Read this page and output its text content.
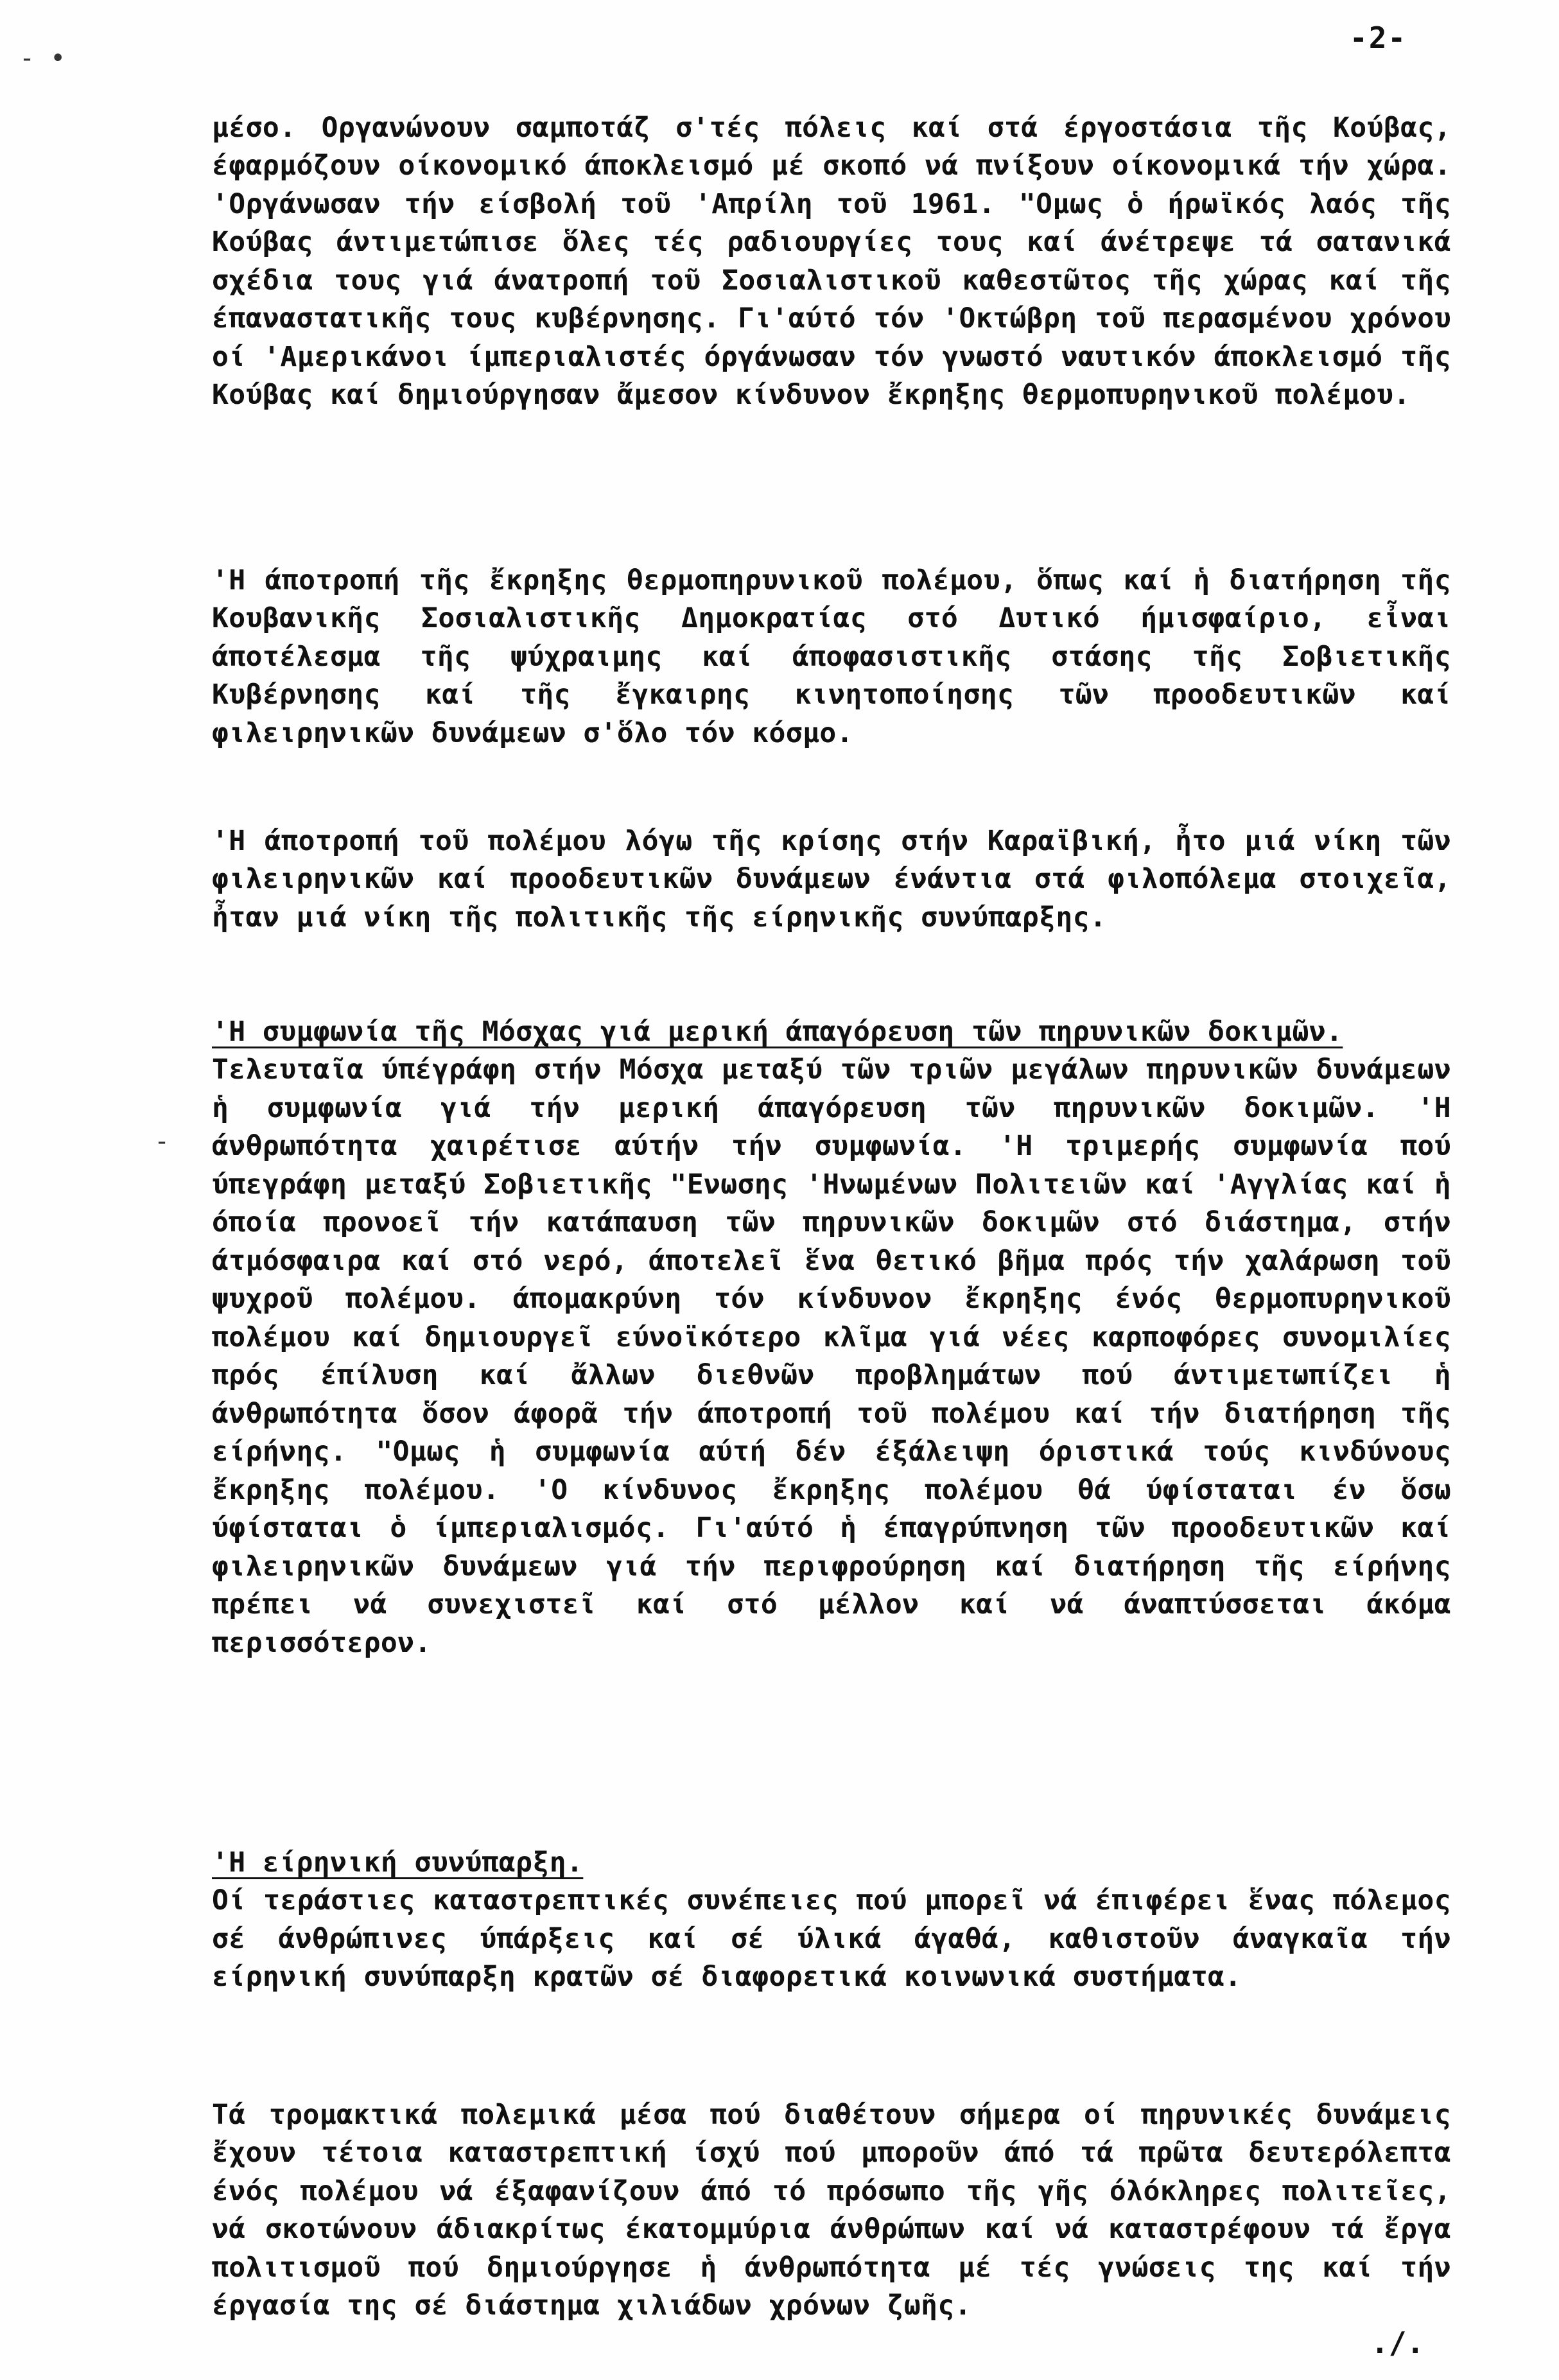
-2-
- •
-

μέσο. Οργανώνουν σαμποτάζ σ'τές πόλεις καί στά έργοστάσια τῆς Κούβας, έφαρμόζουν οίκονομικό άποκλεισμό μέ σκοπό νά πνίξουν οίκονομικά τήν χώρα. 'Οργάνωσαν τήν είσβολή τοῦ 'Απρίλη τοῦ 1961. "Ομως ὁ ήρωϊκός λαός τῆς Κούβας άντιμετώπισε ὅλες τές ραδιουργίες τους καί άνέτρεψε τά σατανικά σχέδια τους γιά άνατροπή τοῦ Σοσιαλιστικοῦ καθεστῶτος τῆς χώρας καί τῆς έπαναστατικῆς τους κυβέρνησης. Γι'αύτό τόν 'Οκτώβρη τοῦ περασμένου χρόνου οί 'Αμερικάνοι ίμπεριαλιστές όργάνωσαν τόν γνωστό ναυτικόν άποκλεισμό τῆς Κούβας καί δημιούργησαν ἄμεσον κίνδυνον ἔκρηξης θερμοπυρηνικοῦ πολέμου.

'Η άποτροπή τῆς ἔκρηξης θερμοπηρυνικοῦ πολέμου, ὅπως καί ἡ διατήρηση τῆς Κουβανικῆς Σοσιαλιστικῆς Δημοκρατίας στό Δυτικό ήμισφαίριο, εἶναι άποτέλεσμα τῆς ψύχραιμης καί άποφασιστικῆς στάσης τῆς Σοβιετικῆς Κυβέρνησης καί τῆς ἔγκαιρης κινητοποίησης τῶν προοδευτικῶν καί φιλειρηνικῶν δυνάμεων σ'ὅλο τόν κόσμο.

'Η άποτροπή τοῦ πολέμου λόγω τῆς κρίσης στήν Καραϊβική, ἦτο μιά νίκη τῶν φιλειρηνικῶν καί προοδευτικῶν δυνάμεων ένάντια στά φιλοπόλεμα στοιχεῖα, ἦταν μιά νίκη τῆς πολιτικῆς τῆς είρηνικῆς συνύπαρξης.

'Η συμφωνία τῆς Μόσχας γιά μερική άπαγόρευση τῶν πηρυνικῶν δοκιμῶν.
Τελευταῖα ύπέγράφη στήν Μόσχα μεταξύ τῶν τριῶν μεγάλων πηρυνικῶν δυνάμεων ἡ συμφωνία γιά τήν μερική άπαγόρευση τῶν πηρυνικῶν δοκιμῶν. 'Η άνθρωπότητα χαιρέτισε αύτήν τήν συμφωνία. 'Η τριμερής συμφωνία πού ύπεγράφη μεταξύ Σοβιετικῆς "Ενωσης 'Ηνωμένων Πολιτειῶν καί 'Αγγλίας καί ἡ όποία προνοεῖ τήν κατάπαυση τῶν πηρυνικῶν δοκιμῶν στό διάστημα, στήν άτμόσφαιρα καί στό νερό, άποτελεῖ ἕνα θετικό βῆμα πρός τήν χαλάρωση τοῦ ψυχροῦ πολέμου. άπομακρύνη τόν κίνδυνον ἔκρηξης ένός θερμοπυρηνικοῦ πολέμου καί δημιουργεῖ εύνοϊκότερο κλῖμα γιά νέες καρποφόρες συνομιλίες πρός έπίλυση καί ἄλλων διεθνῶν προβλημάτων πού άντιμετωπίζει ἡ άνθρωπότητα ὅσον άφορᾶ τήν άποτροπή τοῦ πολέμου καί τήν διατήρηση τῆς είρήνης. "Ομως ἡ συμφωνία αύτή δέν έξάλειψη όριστικά τούς κινδύνους ἔκρηξης πολέμου. 'Ο κίνδυνος ἔκρηξης πολέμου θά ύφίσταται έν ὅσω ύφίσταται ὁ ίμπεριαλισμός. Γι'αύτό ἡ έπαγρύπνηση τῶν προοδευτικῶν καί φιλειρηνικῶν δυνάμεων γιά τήν περιφρούρηση καί διατήρηση τῆς είρήνης πρέπει νά συνεχιστεῖ καί στό μέλλον καί νά άναπτύσσεται άκόμα περισσότερον.

'Η είρηνική συνύπαρξη.
Οί τεράστιες καταστρεπτικές συνέπειες πού μπορεῖ νά έπιφέρει ἕνας πόλεμος σέ άνθρώπινες ύπάρξεις καί σέ ύλικά άγαθά, καθιστοῦν άναγκαῖα τήν είρηνική συνύπαρξη κρατῶν σέ διαφορετικά κοινωνικά συστήματα.

Τά τρομακτικά πολεμικά μέσα πού διαθέτουν σήμερα οί πηρυνικές δυνάμεις ἔχουν τέτοια καταστρεπτική ίσχύ πού μποροῦν άπό τά πρῶτα δευτερόλεπτα ένός πολέμου νά έξαφανίζουν άπό τό πρόσωπο τῆς γῆς όλόκληρες πολιτεῖες, νά σκοτώνουν άδιακρίτως έκατομμύρια άνθρώπων καί νά καταστρέφουν τά ἔργα πολιτισμοῦ πού δημιούργησε ἡ άνθρωπότητα μέ τές γνώσεις της καί τήν έργασία της σέ διάστημα χιλιάδων χρόνων ζωῆς.

./.
